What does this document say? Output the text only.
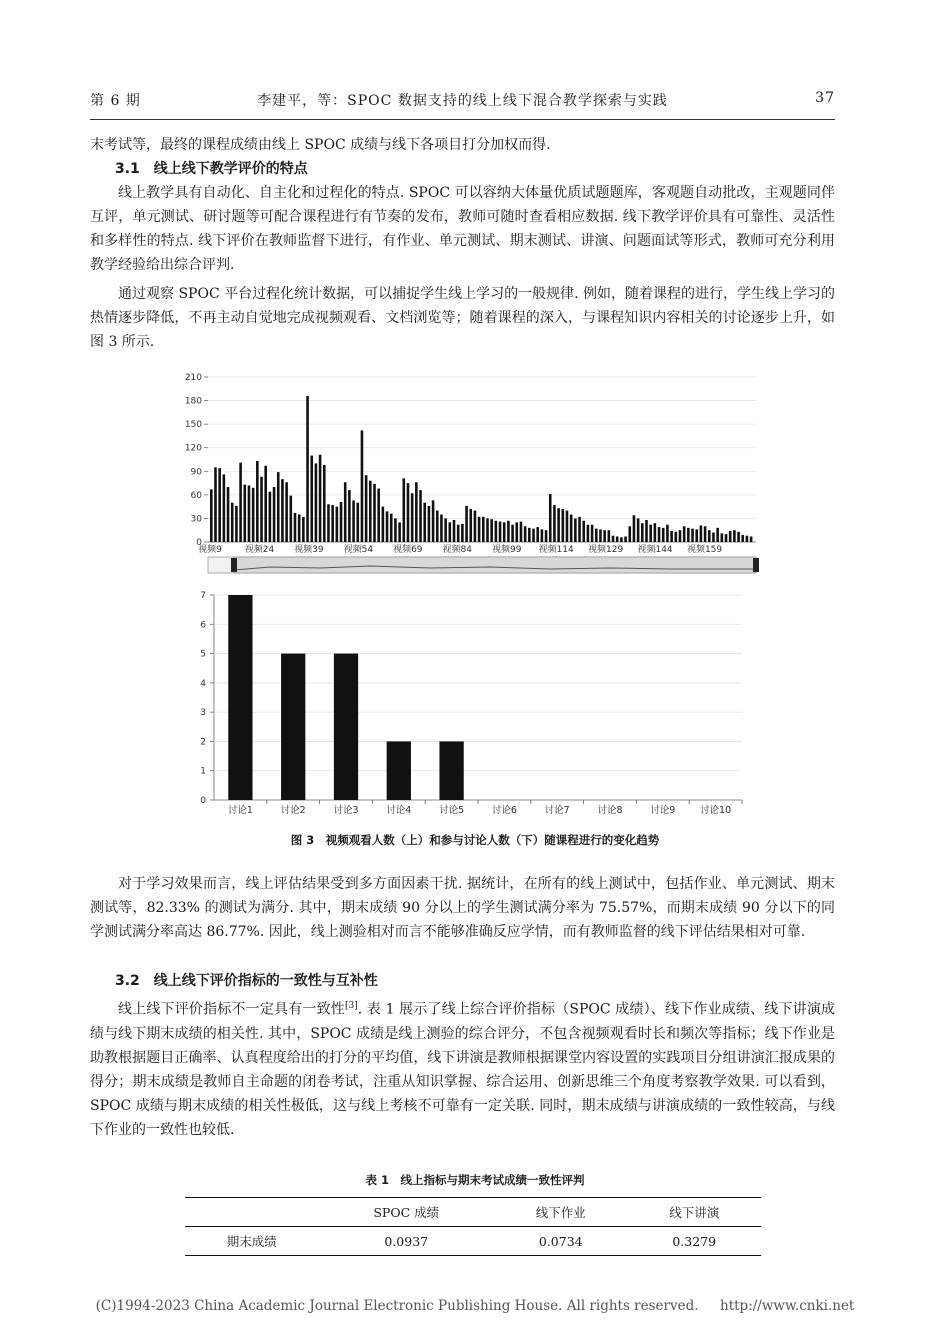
第 6 期	李建平，等：SPOC 数据支持的线上线下混合教学探索与实践	37

末考试等，最终的课程成绩由线上 SPOC 成绩与线下各项目打分加权而得.

3.1　线上线下教学评价的特点

线上教学具有自动化、自主化和过程化的特点. SPOC 可以容纳大体量优质试题题库，客观题自动批改，主观题同伴互评，单元测试、研讨题等可配合课程进行有节奏的发布，教师可随时查看相应数据. 线下教学评价具有可靠性、灵活性和多样性的特点. 线下评价在教师监督下进行，有作业、单元测试、期末测试、讲演、问题面试等形式，教师可充分利用教学经验给出综合评判.

通过观察 SPOC 平台过程化统计数据，可以捕捉学生线上学习的一般规律. 例如，随着课程的进行，学生线上学习的热情逐步降低，不再主动自觉地完成视频观看、文档浏览等；随着课程的深入，与课程知识内容相关的讨论逐步上升，如图 3 所示.

0
30
60
90
120
150
180
210
视频9	视频24 视频39 视频54 视频69 视频84 视频99 视频114 视频129 视频144 视频159
0
1
2
3
4
5
6
7
讨论1	讨论2	讨论3	讨论4	讨论5	讨论6	讨论7	讨论8	讨论9	讨论10
图 3　视频观看人数（上）和参与讨论人数（下）随课程进行的变化趋势

对于学习效果而言，线上评估结果受到多方面因素干扰. 据统计，在所有的线上测试中，包括作业、单元测试、期末测试等，82.33% 的测试为满分. 其中，期末成绩 90 分以上的学生测试满分率为 75.57%，而期末成绩 90 分以下的同学测试满分率高达 86.77%. 因此，线上测验相对而言不能够准确反应学情，而有教师监督的线下评估结果相对可靠.

3.2　线上线下评价指标的一致性与互补性

线上线下评价指标不一定具有一致性[3]. 表 1 展示了线上综合评价指标（SPOC 成绩）、线下作业成绩、线下讲演成绩与线下期末成绩的相关性. 其中，SPOC 成绩是线上测验的综合评分，不包含视频观看时长和频次等指标；线下作业是助教根据题目正确率、认真程度给出的打分的平均值，线下讲演是教师根据课堂内容设置的实践项目分组讲演汇报成果的得分；期末成绩是教师自主命题的闭卷考试，注重从知识掌握、综合运用、创新思维三个角度考察教学效果. 可以看到，SPOC 成绩与期末成绩的相关性极低，这与线上考核不可靠有一定关联. 同时，期末成绩与讲演成绩的一致性较高，与线下作业的一致性也较低.

表 1　线上指标与期末考试成绩一致性评判
	SPOC 成绩	线下作业	线下讲演
期末成绩	0.0937	0.0734	0.3279
(C)1994-2023 China Academic Journal Electronic Publishing House. All rights reserved. http://www.cnki.net
